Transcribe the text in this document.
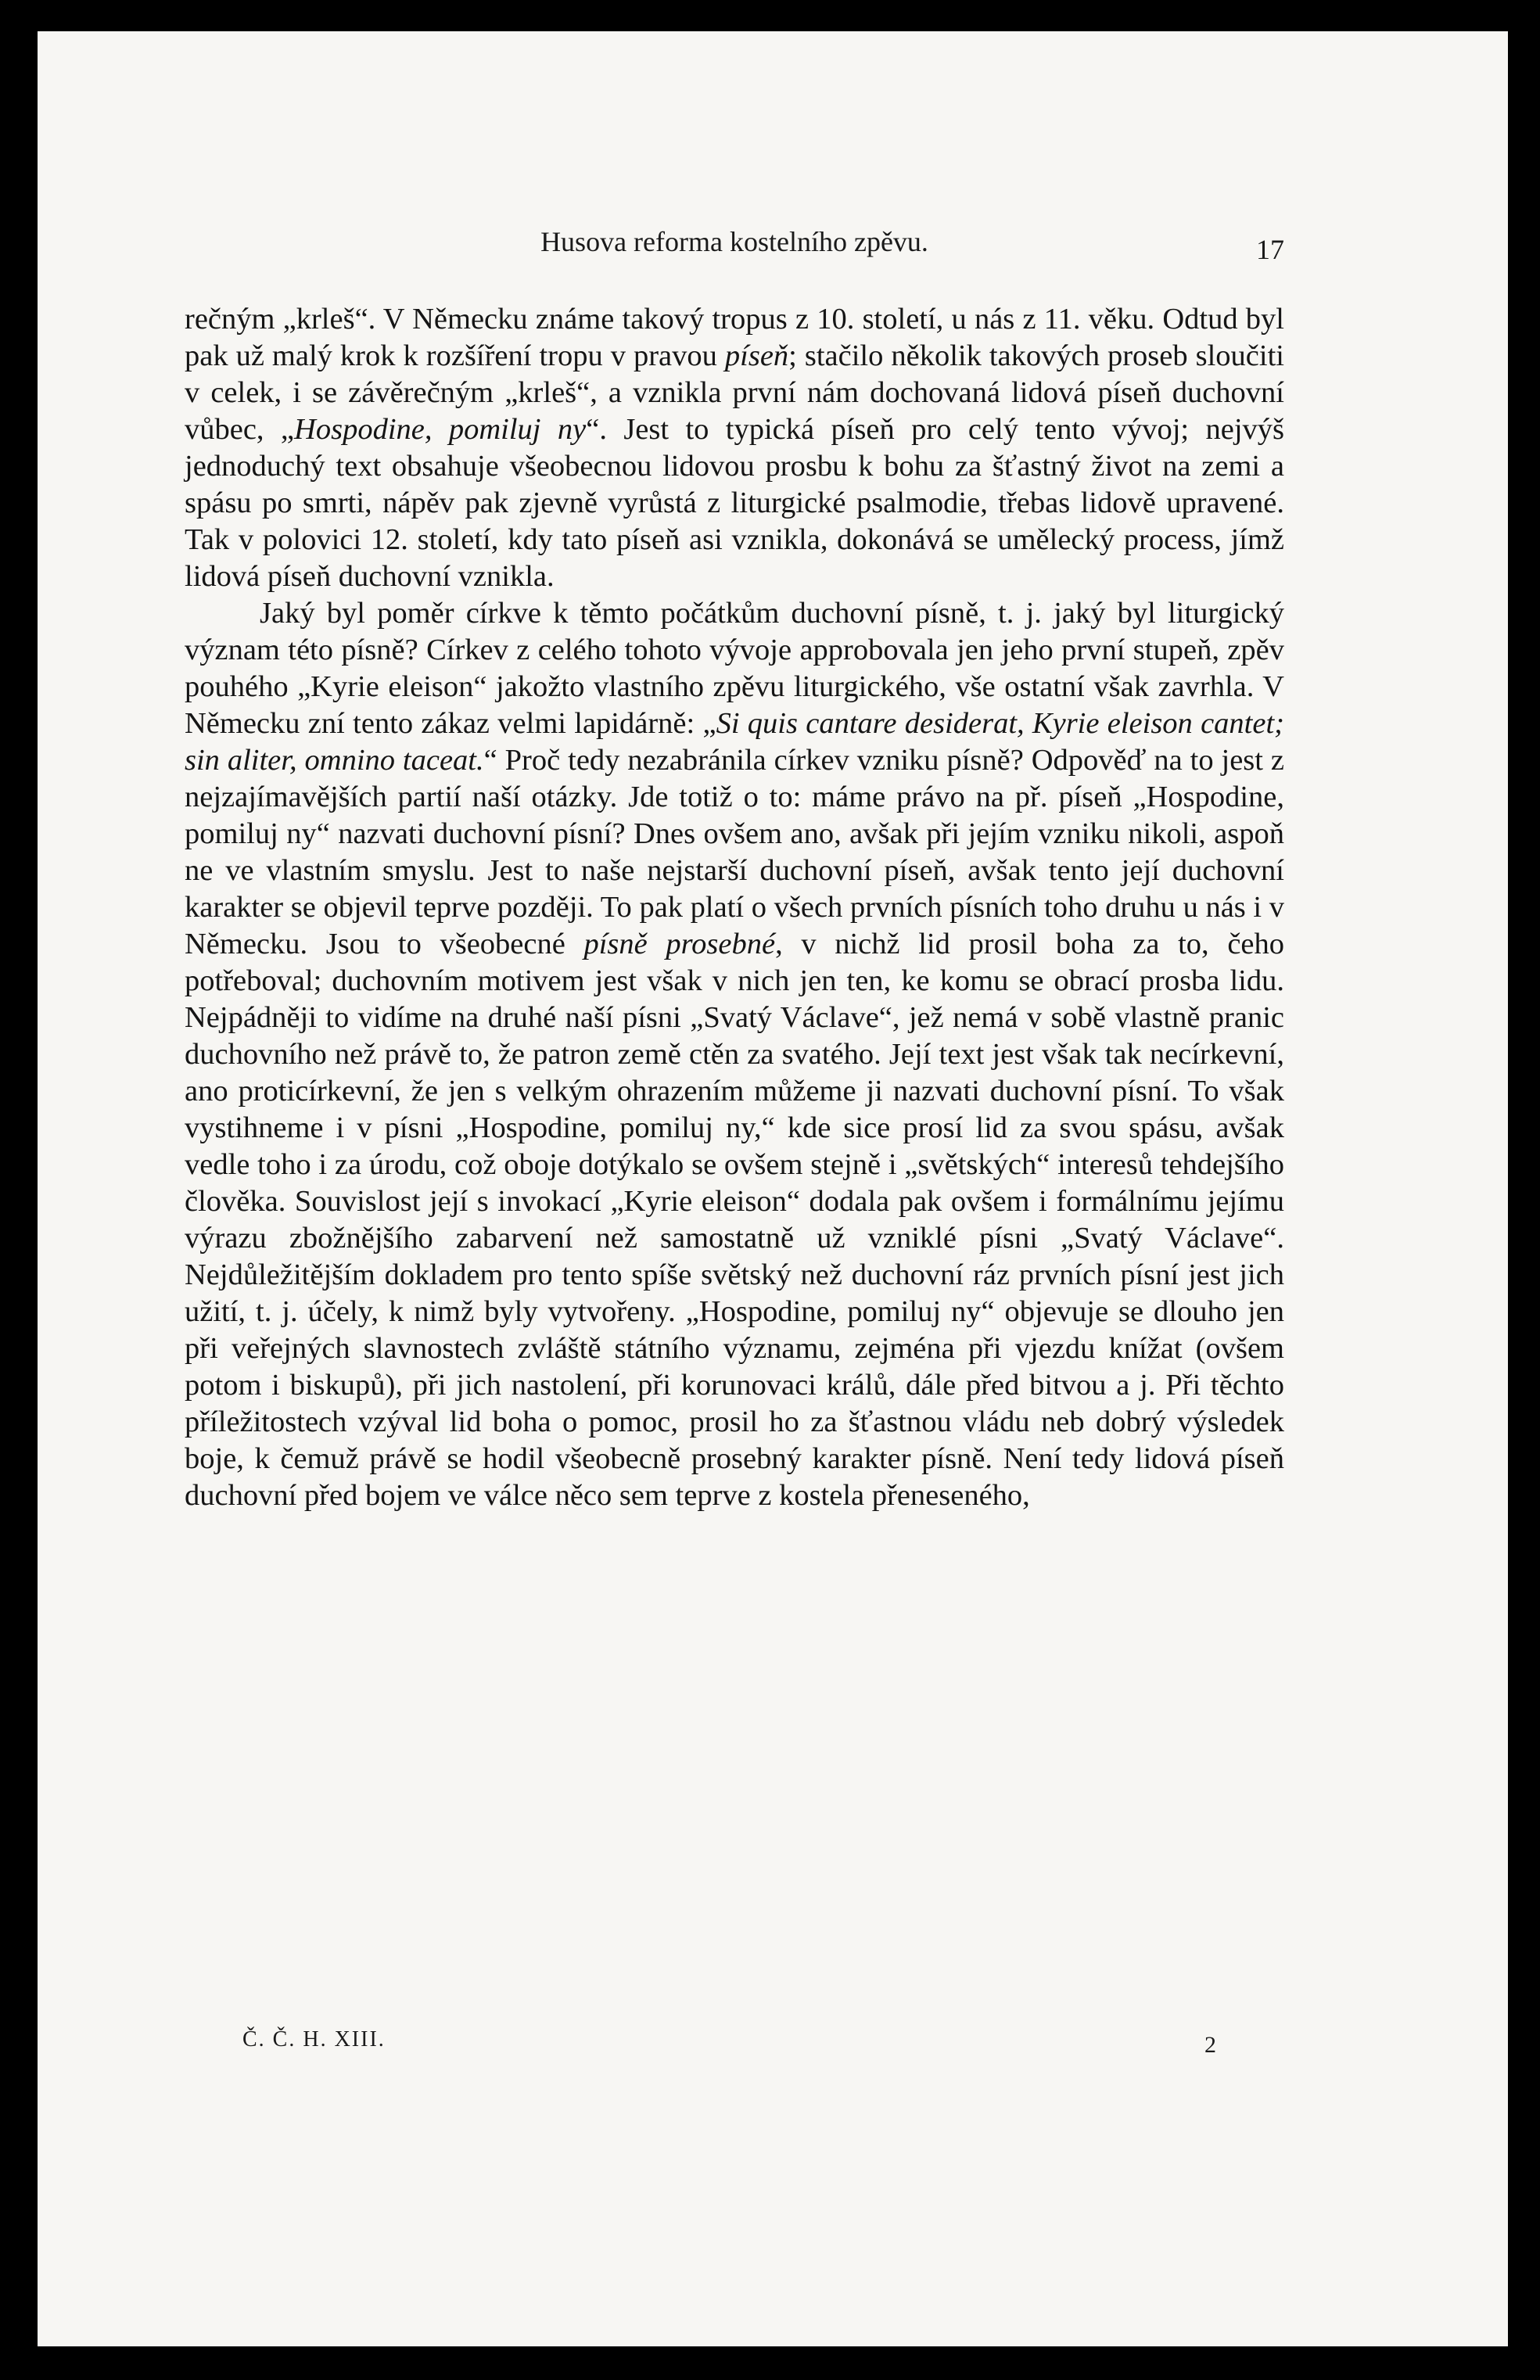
Husova reforma kostelního zpěvu.	17

rečným „krleš“. V Německu známe takový tropus z 10. století, u nás z 11. věku. Odtud byl pak už malý krok k rozšíření tropu v pravou píseň; stačilo několik takových proseb sloučiti v celek, i se závěrečným „krleš“, a vznikla první nám dochovaná lidová píseň duchovní vůbec, „Hospodine, pomiluj ny“. Jest to typická píseň pro celý tento vývoj; nejvýš jednoduchý text obsahuje všeobecnou lidovou prosbu k bohu za šťastný život na zemi a spásu po smrti, nápěv pak zjevně vyrůstá z liturgické psalmodie, třebas lidově upravené. Tak v polovici 12. století, kdy tato píseň asi vznikla, dokonává se umělecký process, jímž lidová píseň duchovní vznikla.

Jaký byl poměr církve k těmto počátkům duchovní písně, t. j. jaký byl liturgický význam této písně? Církev z celého tohoto vývoje approbovala jen jeho první stupeň, zpěv pouhého „Kyrie eleison“ jakožto vlastního zpěvu liturgického, vše ostatní však zavrhla. V Německu zní tento zákaz velmi lapidárně: „Si quis cantare desiderat, Kyrie eleison cantet; sin aliter, omnino taceat.“ Proč tedy nezabránila církev vzniku písně? Odpověď na to jest z nejzajímavějších partií naší otázky. Jde totiž o to: máme právo na př. píseň „Hospodine, pomiluj ny“ nazvati duchovní písní? Dnes ovšem ano, avšak při jejím vzniku nikoli, aspoň ne ve vlastním smyslu. Jest to naše nejstarší duchovní píseň, avšak tento její duchovní karakter se objevil teprve později. To pak platí o všech prvních písních toho druhu u nás i v Německu. Jsou to všeobecné písně prosebné, v nichž lid prosil boha za to, čeho potřeboval; duchovním motivem jest však v nich jen ten, ke komu se obrací prosba lidu. Nejpádněji to vidíme na druhé naší písni „Svatý Václave“, jež nemá v sobě vlastně pranic duchovního než právě to, že patron země ctěn za svatého. Její text jest však tak necírkevní, ano proticírkevní, že jen s velkým ohrazením můžeme ji nazvati duchovní písní. To však vystihneme i v písni „Hospodine, pomiluj ny,“ kde sice prosí lid za svou spásu, avšak vedle toho i za úrodu, což oboje dotýkalo se ovšem stejně i „světských“ interesů tehdejšího člověka. Souvislost její s invokací „Kyrie eleison“ dodala pak ovšem i formálnímu jejímu výrazu zbožnějšího zabarvení než samostatně už vzniklé písni „Svatý Václave“. Nejdůležitějším dokladem pro tento spíše světský než duchovní ráz prvních písní jest jich užití, t. j. účely, k nimž byly vytvořeny. „Hospodine, pomiluj ny“ objevuje se dlouho jen při veřejných slavnostech zvláště státního významu, zejména při vjezdu knížat (ovšem potom i biskupů), při jich nastolení, při korunovaci králů, dále před bitvou a j. Při těchto příležitostech vzýval lid boha o pomoc, prosil ho za šťastnou vládu neb dobrý výsledek boje, k čemuž právě se hodil všeobecně prosebný karakter písně. Není tedy lidová píseň duchovní před bojem ve válce něco sem teprve z kostela přeneseného,

Č. Č. H. XIII.	2
